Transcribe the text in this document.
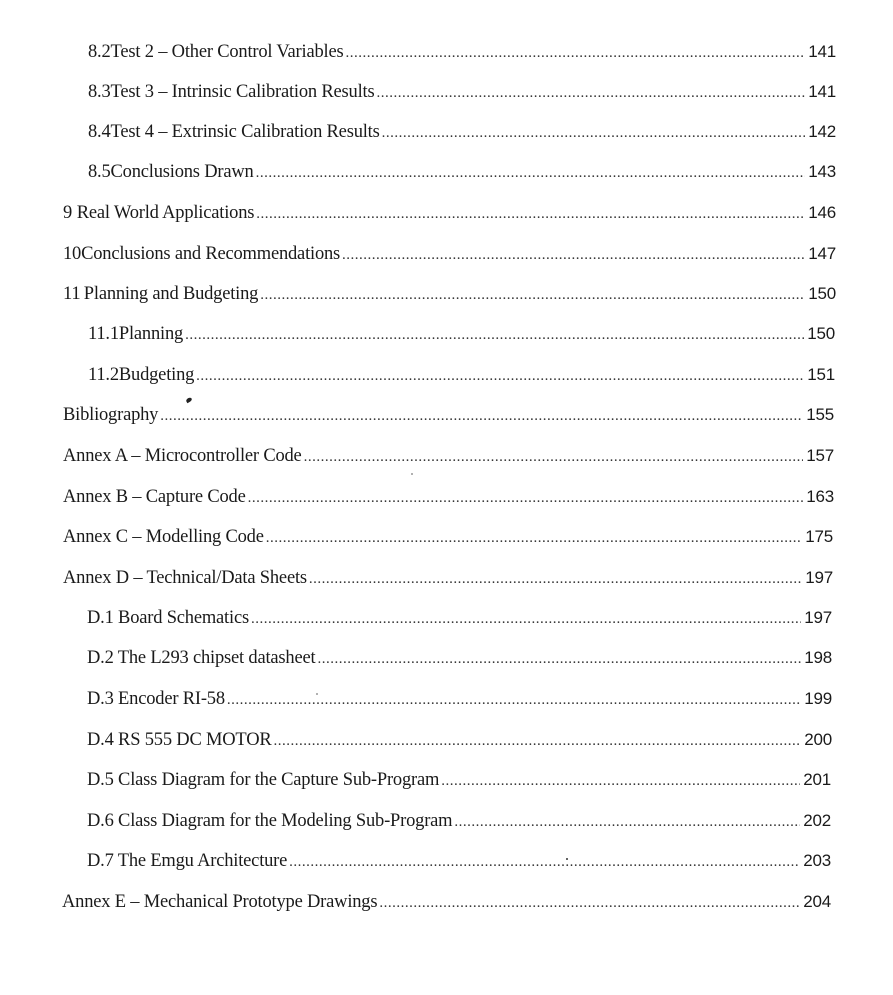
8.2 Test 2 – Other Control Variables .....	141
8.3 Test 3 – Intrinsic Calibration Results .....	141
8.4 Test 4 – Extrinsic Calibration Results .....	142
8.5 Conclusions Drawn .....	143
9 Real World Applications .....	146
10 Conclusions and Recommendations .....	147
11 Planning and Budgeting .....	150
11.1 Planning .....	150
11.2 Budgeting .....	151
Bibliography .....	155
Annex A – Microcontroller Code .....	157
Annex B – Capture Code .....	163
Annex C – Modelling Code .....	175
Annex D – Technical/Data Sheets .....	197
D.1 Board Schematics .....	197
D.2 The L293 chipset datasheet .....	198
D.3 Encoder RI-58 .....	199
D.4 RS 555 DC MOTOR .....	200
D.5 Class Diagram for the Capture Sub-Program .....	201
D.6 Class Diagram for the Modeling Sub-Program .....	202
D.7 The Emgu Architecture .....	203
Annex E – Mechanical Prototype Drawings .....	204
